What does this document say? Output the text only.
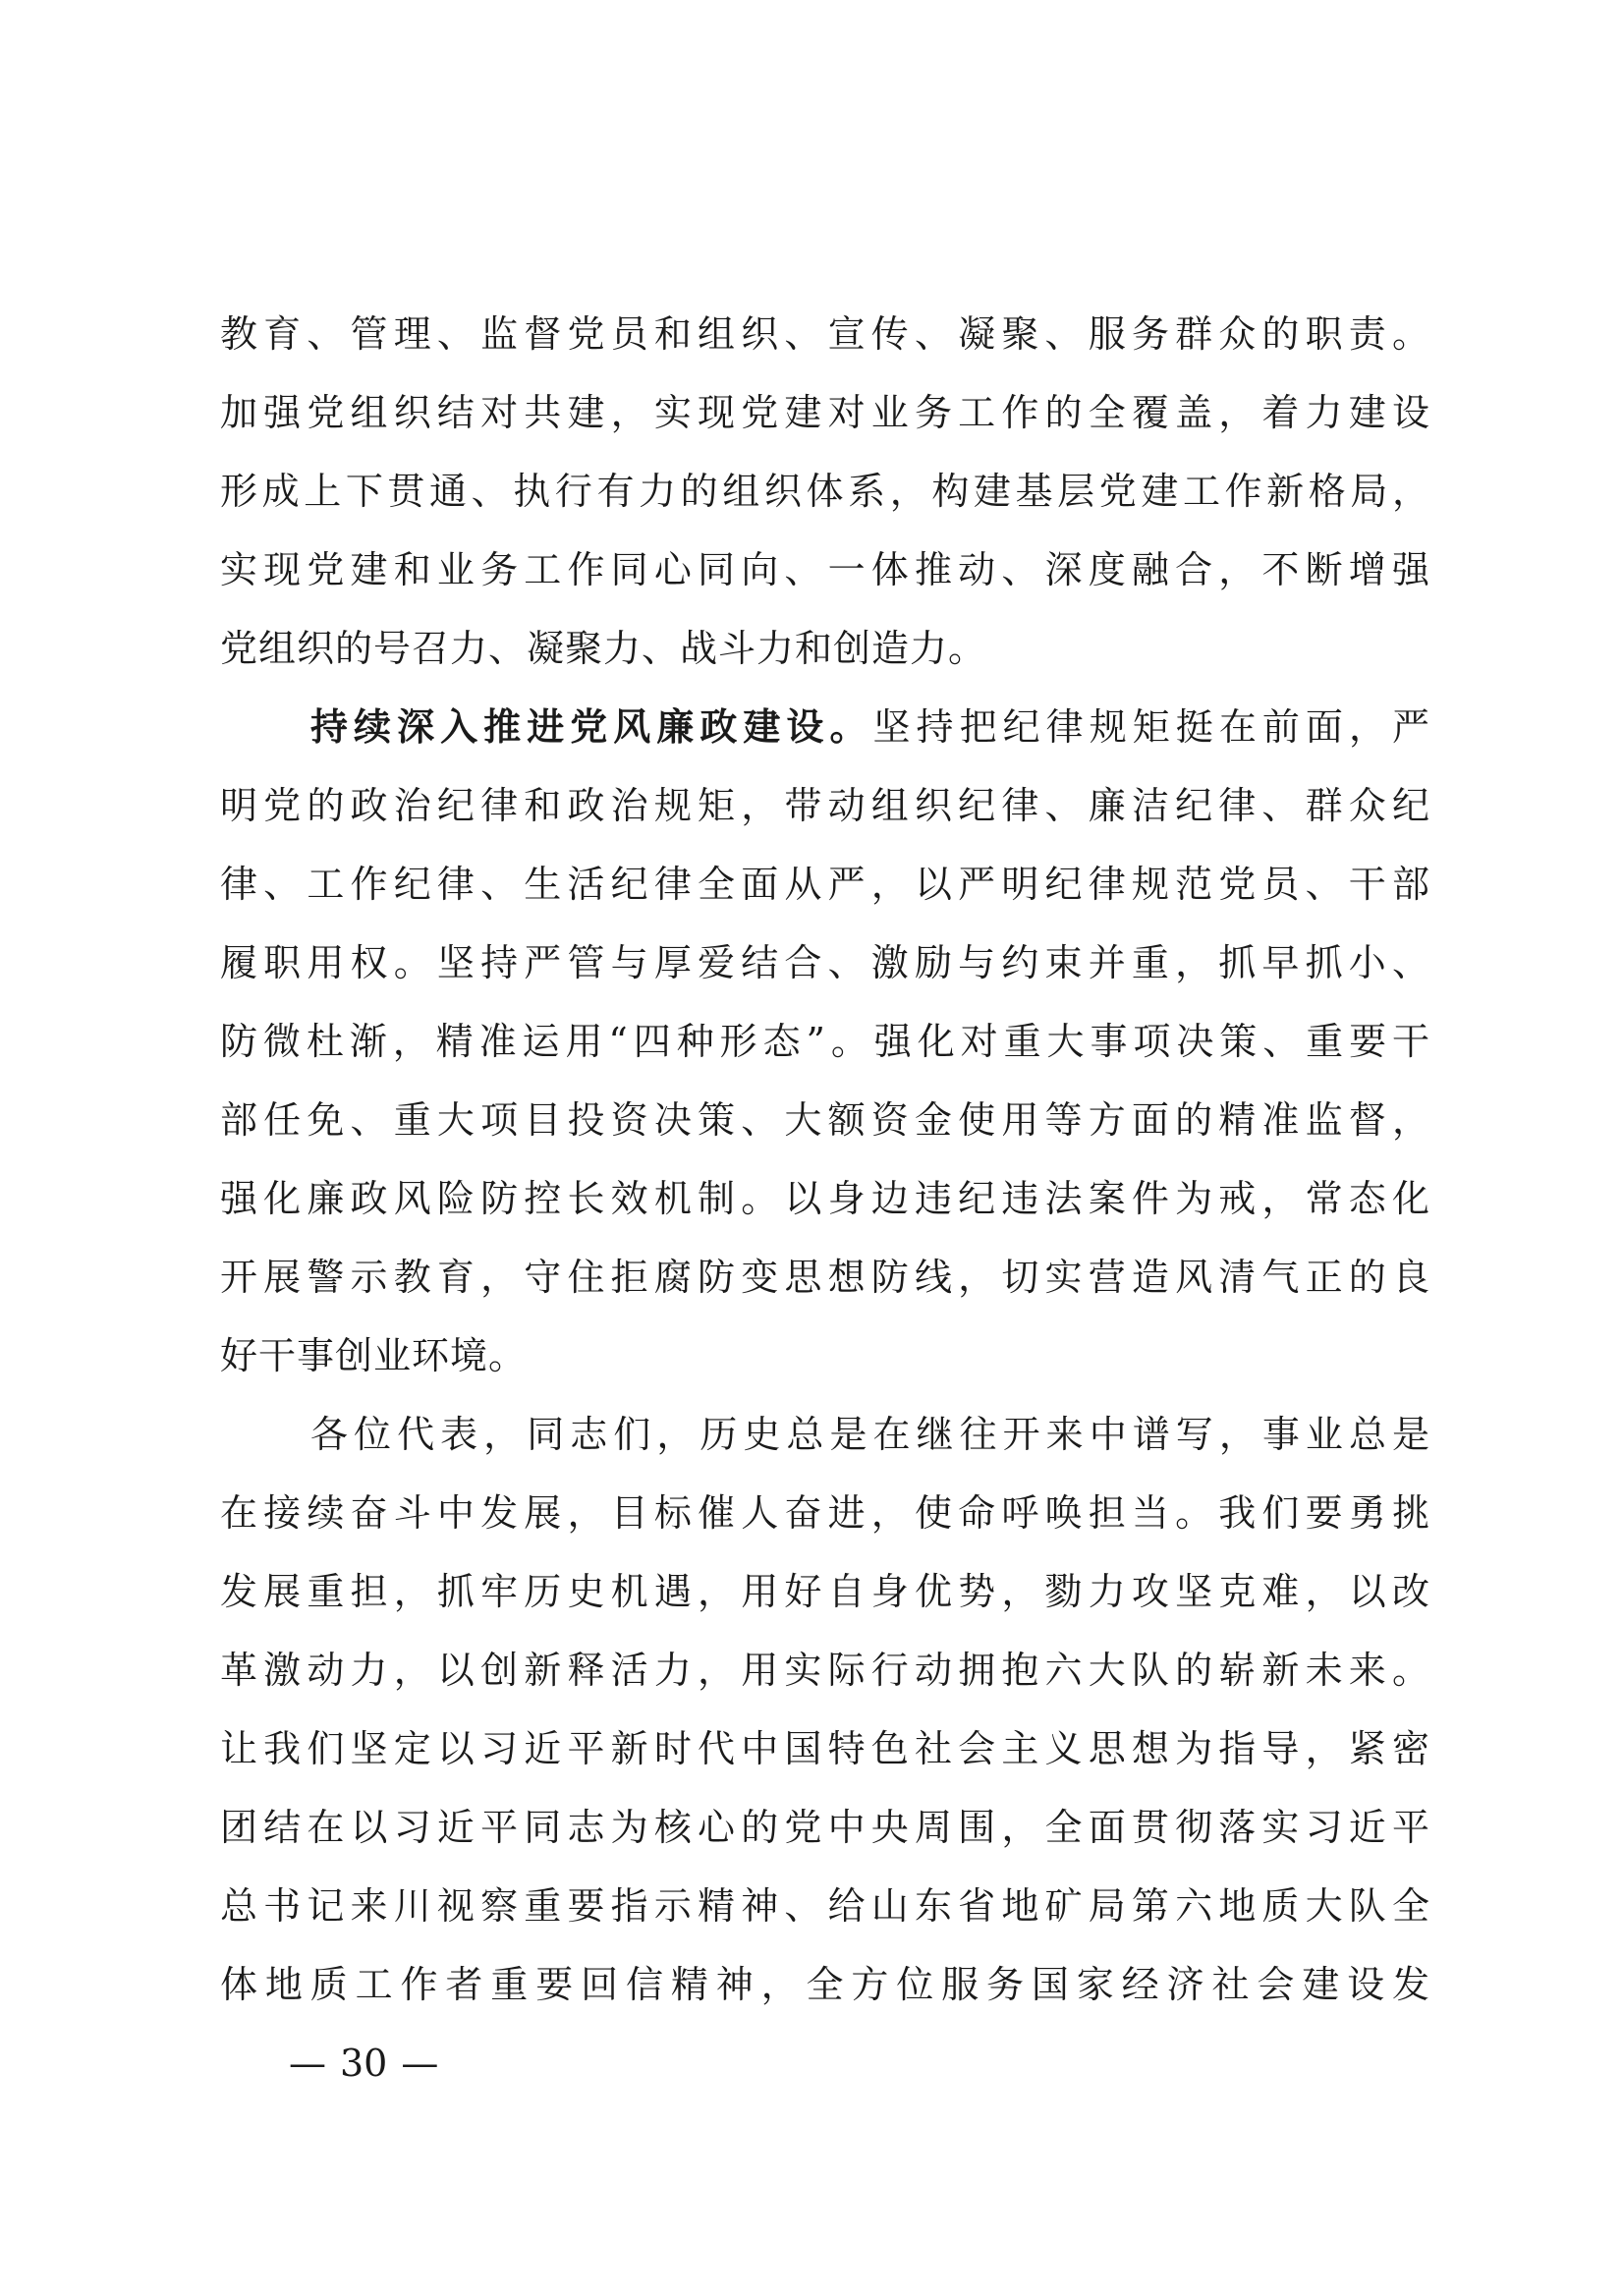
教育、管理、监督党员和组织、宣传、凝聚、服务群众的职责。
加强党组织结对共建，实现党建对业务工作的全覆盖，着力建设
形成上下贯通、执行有力的组织体系，构建基层党建工作新格局，
实现党建和业务工作同心同向、一体推动、深度融合，不断增强
党组织的号召力、凝聚力、战斗力和创造力。
持续深入推进党风廉政建设。坚持把纪律规矩挺在前面，严
明党的政治纪律和政治规矩，带动组织纪律、廉洁纪律、群众纪
律、工作纪律、生活纪律全面从严，以严明纪律规范党员、干部
履职用权。坚持严管与厚爱结合、激励与约束并重，抓早抓小、
防微杜渐，精准运用“四种形态”。强化对重大事项决策、重要干
部任免、重大项目投资决策、大额资金使用等方面的精准监督，
强化廉政风险防控长效机制。以身边违纪违法案件为戒，常态化
开展警示教育，守住拒腐防变思想防线，切实营造风清气正的良
好干事创业环境。
各位代表，同志们，历史总是在继往开来中谱写，事业总是
在接续奋斗中发展，目标催人奋进，使命呼唤担当。我们要勇挑
发展重担，抓牢历史机遇，用好自身优势，勠力攻坚克难，以改
革激动力，以创新释活力，用实际行动拥抱六大队的崭新未来。
让我们坚定以习近平新时代中国特色社会主义思想为指导，紧密
团结在以习近平同志为核心的党中央周围，全面贯彻落实习近平
总书记来川视察重要指示精神、给山东省地矿局第六地质大队全
体地质工作者重要回信精神，全方位服务国家经济社会建设发
— 30 —
